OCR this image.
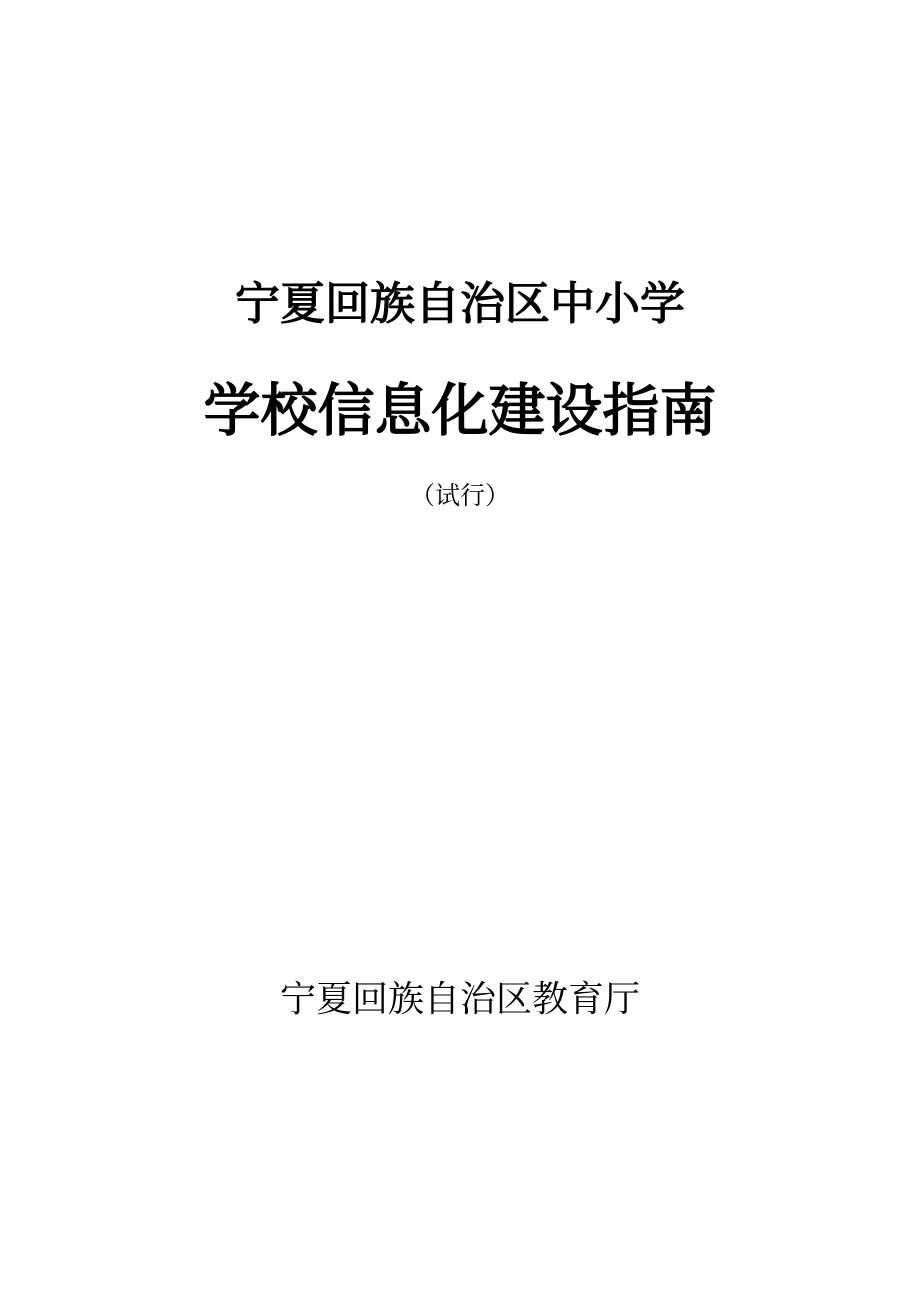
宁夏回族自治区中小学
学校信息化建设指南
（试行）
宁夏回族自治区教育厅
